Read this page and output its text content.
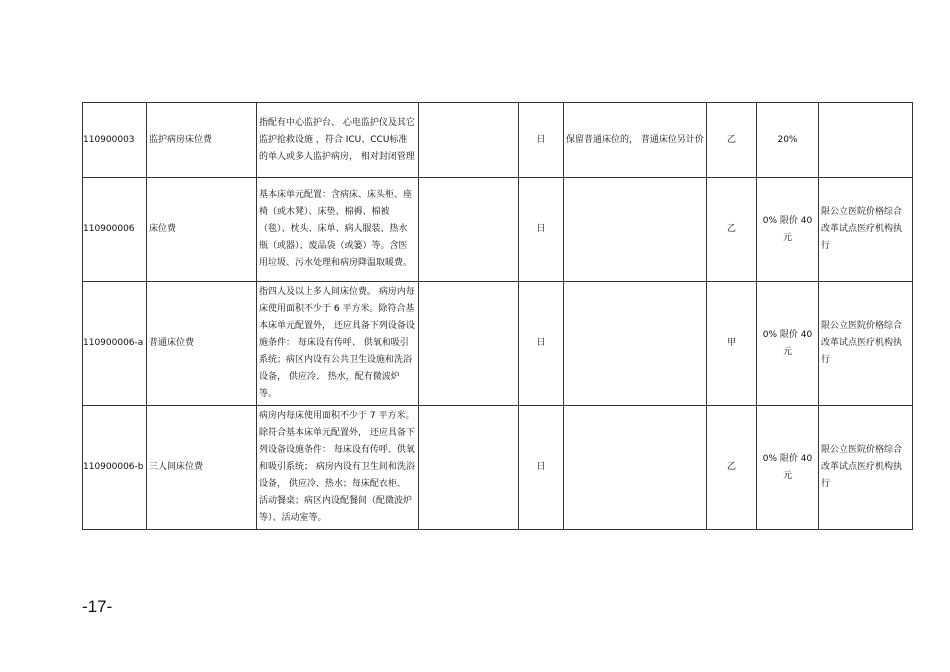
110900003	监护病房床位费	指配有中心监护台、 心电监护仪及其它监护抢救设施 ，符合 ICU、CCU标准的单人或多人监护病房， 相对封闭管理		日	保留普通床位的， 普通床位另计价	乙	20%	
110900006	床位费	基本床单元配置：含病床、床头柜、座椅（或木凳）、床垫、棉褥、棉被（毯）、枕头、床单、病人服装、热水瓶（或器）、废品袋（或篓）等。含医用垃圾、污水处理和病房降温取暖费。		日		乙	0% 限价 40元	限公立医院价格综合改革试点医疗机构执行
110900006-a	普通床位费	指四人及以上多人间床位费。 病房内每床使用面积不少于 6 平方米。除符合基本床单元配置外， 还应具备下列设备设施条件： 每床设有传呼、 供氧和吸引系统；病区内设有公共卫生设施和洗浴设备， 供应冷、 热水，配有微波炉等。		日		甲	0% 限价 40元	限公立医院价格综合改革试点医疗机构执行
110900006-b	三人间床位费	病房内每床使用面积不少于 7 平方米。除符合基本床单元配置外， 还应具备下列设备设施条件： 每床设有传呼、供氧和吸引系统； 病房内设有卫生间和洗浴设备， 供应冷、热水；每床配衣柜、 活动餐桌；病区内设配餐间（配微波炉等）、活动室等。		日		乙	0% 限价 40元	限公立医院价格综合改革试点医疗机构执行
-17-
